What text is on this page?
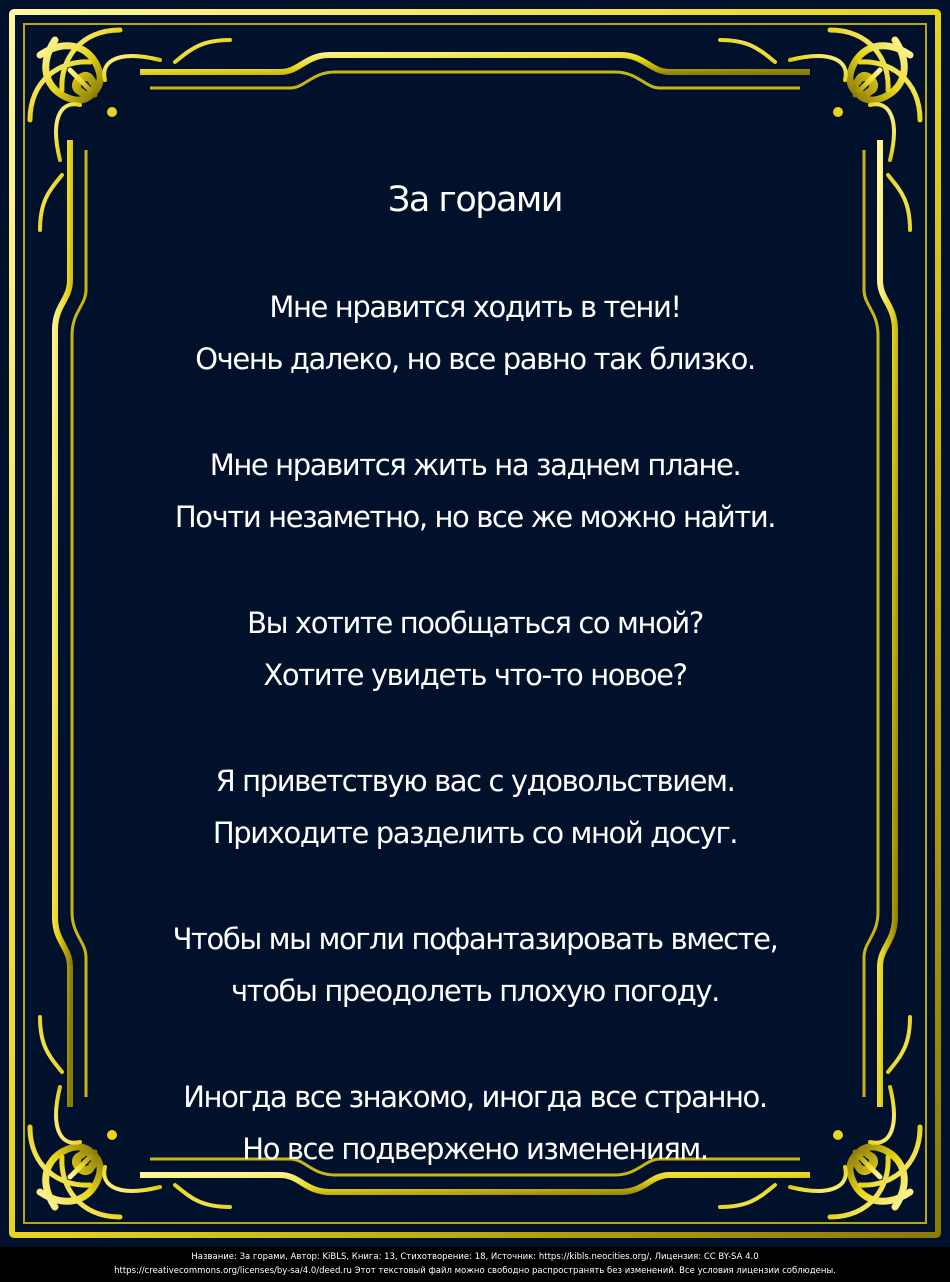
За горами
Мне нравится ходить в тени!
Очень далеко, но все равно так близко.
Мне нравится жить на заднем плане.
Почти незаметно, но все же можно найти.
Вы хотите пообщаться со мной?
Хотите увидеть что-то новое?
Я приветствую вас с удовольствием.
Приходите разделить со мной досуг.
Чтобы мы могли пофантазировать вместе,
чтобы преодолеть плохую погоду.
Иногда все знакомо, иногда все странно.
Но все подвержено изменениям.
Название: За горами, Автор: KiBLS, Книга: 13, Стихотворение: 18, Источник: https://kibls.neocities.org/, Лицензия: CC BY-SA 4.0
https://creativecommons.org/licenses/by-sa/4.0/deed.ru Этот текстовый файл можно свободно распространять без изменений. Все условия лицензии соблюдены.
